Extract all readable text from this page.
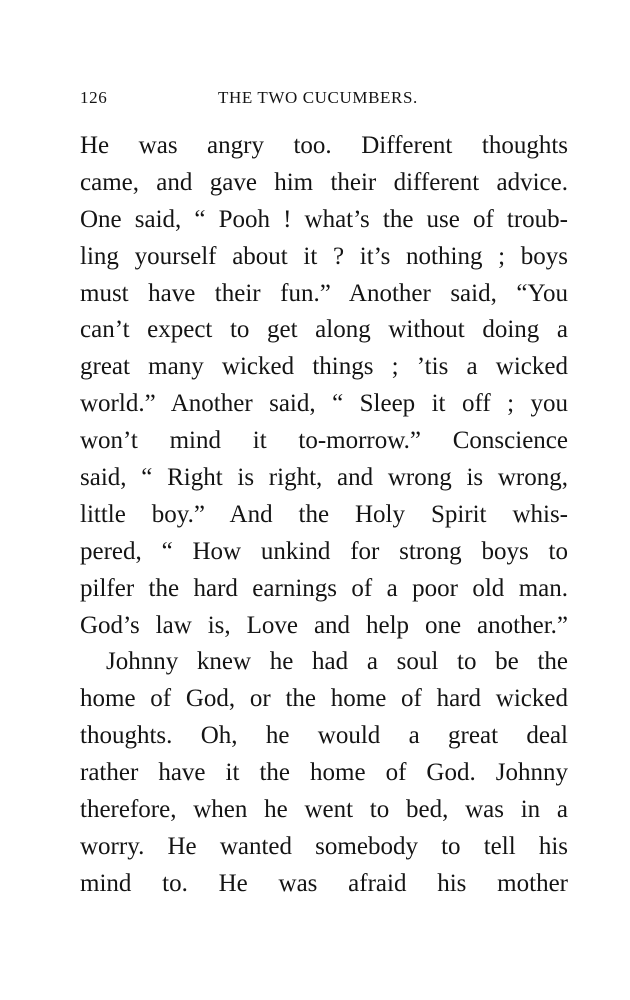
126	THE TWO CUCUMBERS.
He was angry too. Different thoughts
came, and gave him their different advice.
One said, “ Pooh ! what’s the use of troub-
ling yourself about it ? it’s nothing ; boys
must have their fun.” Another said, “You
can’t expect to get along without doing a
great many wicked things ; ’tis a wicked
world.” Another said, “ Sleep it off ; you
won’t mind it to-morrow.” Conscience
said, “ Right is right, and wrong is wrong,
little boy.” And the Holy Spirit whis-
pered, “ How unkind for strong boys to
pilfer the hard earnings of a poor old man.
God’s law is, Love and help one another.”
Johnny knew he had a soul to be the
home of God, or the home of hard wicked
thoughts. Oh, he would a great deal
rather have it the home of God. Johnny
therefore, when he went to bed, was in a
worry. He wanted somebody to tell his
mind to. He was afraid his mother
